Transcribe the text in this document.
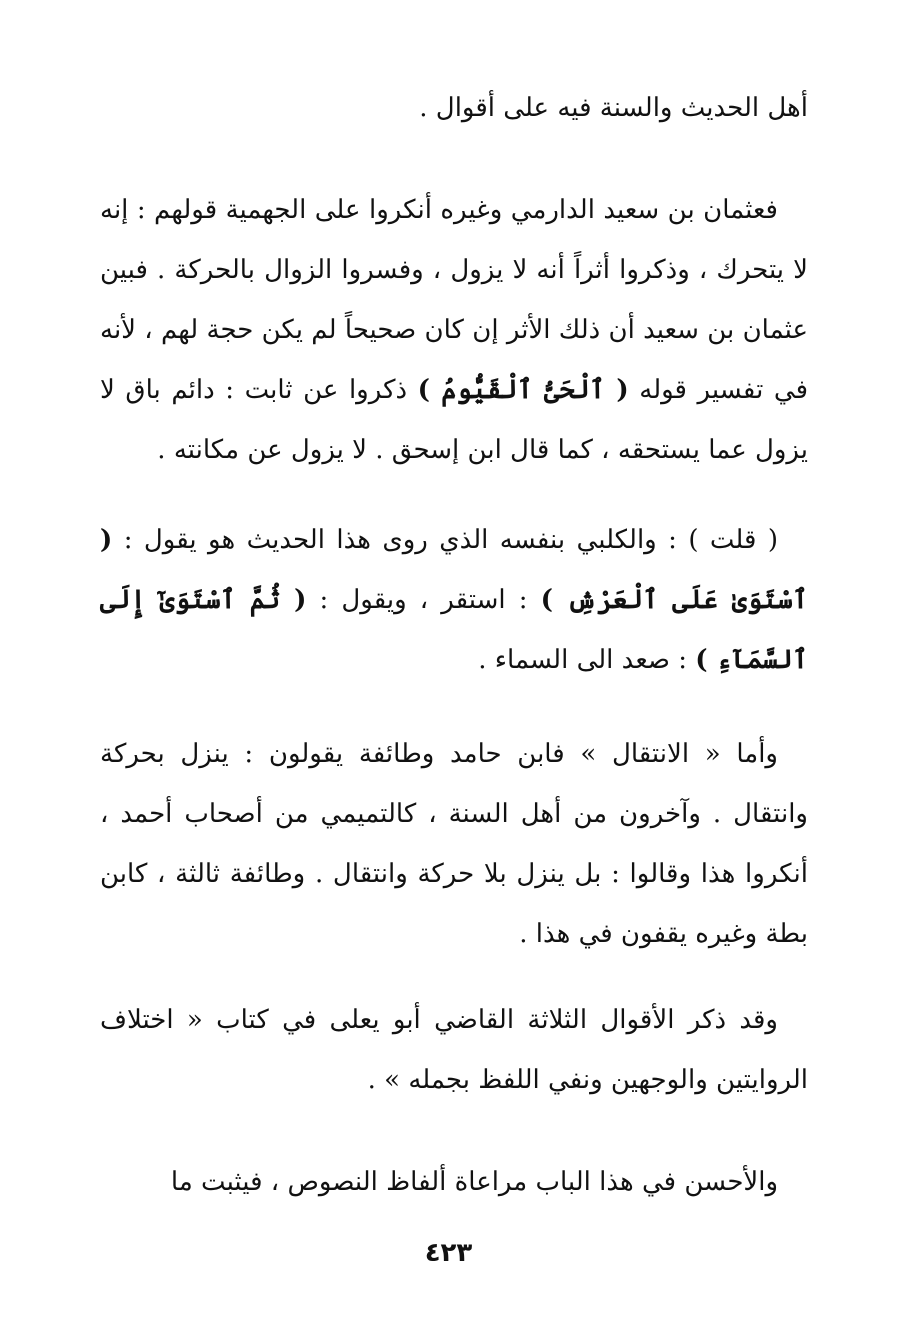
أهل الحديث والسنة فيه على أقوال .

فعثمان بن سعيد الدارمي وغيره أنكروا على الجهمية قولهم : إنه لا يتحرك ، وذكروا أثراً أنه لا يزول ، وفسروا الزوال بالحركة . فبين عثمان بن سعيد أن ذلك الأثر إن كان صحيحاً لم يكن حجة لهم ، لأنه في تفسير قوله ( ٱلْحَىُّ ٱلْقَيُّومُ ) ذكروا عن ثابت : دائم باق لا يزول عما يستحقه ، كما قال ابن إسحق . لا يزول عن مكانته .

( قلت ) : والكلبي بنفسه الذي روى هذا الحديث هو يقول : ( ٱسْتَوَىٰ عَلَى ٱلْعَرْشِ ) : استقر ، ويقول : ( ثُمَّ ٱسْتَوَىٰٓ إِلَى ٱلسَّمَآءِ ) : صعد الى السماء .

وأما « الانتقال » فابن حامد وطائفة يقولون : ينزل بحركة وانتقال . وآخرون من أهل السنة ، كالتميمي من أصحاب أحمد ، أنكروا هذا وقالوا : بل ينزل بلا حركة وانتقال . وطائفة ثالثة ، كابن بطة وغيره يقفون في هذا .

وقد ذكر الأقوال الثلاثة القاضي أبو يعلى في كتاب « اختلاف الروايتين والوجهين ونفي اللفظ بجمله » .

والأحسن في هذا الباب مراعاة ألفاظ النصوص ، فيثبت ما

٤٢٣
